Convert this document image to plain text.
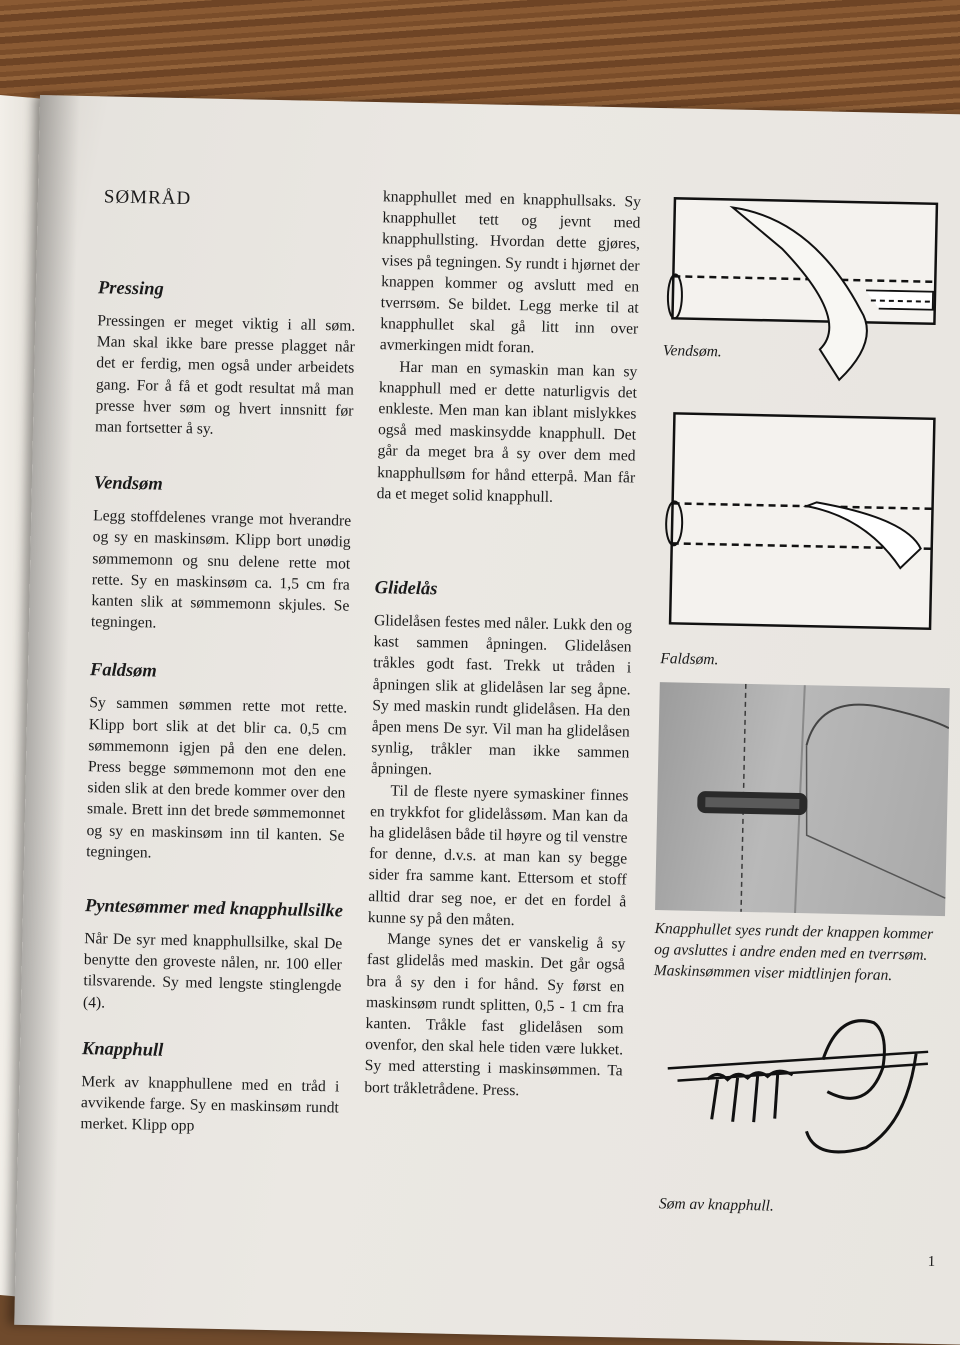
SØMRÅD
Pressing

Pressingen er meget viktig i all søm. Man skal ikke bare presse plagget når det er ferdig, men også under arbeidets gang. For å få et godt resultat må man presse hver søm og hvert innsnitt før man fortsetter å sy.

Vendsøm

Legg stoffdelenes vrange mot hverandre og sy en maskinsøm. Klipp bort unødig sømmemonn og snu delene rette mot rette. Sy en maskinsøm ca. 1,5 cm fra kanten slik at sømmemonn skjules. Se tegningen.

Faldsøm

Sy sammen sømmen rette mot rette. Klipp bort slik at det blir ca. 0,5 cm sømmemonn igjen på den ene delen. Press begge sømmemonn mot den ene siden slik at den brede kommer over den smale. Brett inn det brede sømmemonnet og sy en maskinsøm inn til kanten. Se tegningen.

Pyntesømmer med knapphullsilke

Når De syr med knapphullsilke, skal De benytte den groveste nålen, nr. 100 eller tilsvarende. Sy med lengste stinglengde (4).

Knapphull

Merk av knapphullene med en tråd i avvikende farge. Sy en maskinsøm rundt merket. Klipp opp

knapphullet med en knapphullsaks. Sy knapphullet tett og jevnt med knapphullsting. Hvordan dette gjøres, vises på tegningen. Sy rundt i hjørnet der knappen kommer og avslutt med en tverrsøm. Se bildet. Legg merke til at knapphullet skal gå litt inn over avmerkingen midt foran.

Har man en symaskin man kan sy knapphull med er dette naturligvis det enkleste. Men man kan iblant mislykkes også med maskinsydde knapphull. Det går da meget bra å sy over dem med knapphullsøm for hånd etterpå. Man får da et meget solid knapphull.

Glidelås

Glidelåsen festes med nåler. Lukk den og kast sammen åpningen. Glidelåsen tråkles godt fast. Trekk ut tråden i åpningen slik at glidelåsen lar seg åpne. Sy med maskin rundt glidelåsen. Ha den åpen mens De syr. Vil man ha glidelåsen synlig, tråkler man ikke sammen åpningen.

Til de fleste nyere symaskiner finnes en trykkfot for glidelåssøm. Man kan da ha glidelåsen både til høyre og til venstre for denne, d.v.s. at man kan sy begge sider fra samme kant. Ettersom et stoff alltid drar seg noe, er det en fordel å kunne sy på den måten.

Mange synes det er vanskelig å sy fast glidelås med maskin. Det går også bra å sy den i for hånd. Sy først en maskinsøm rundt splitten, 0,5 - 1 cm fra kanten. Tråkle fast glidelåsen som ovenfor, den skal hele tiden være lukket. Sy med attersting i maskinsømmen. Ta bort tråkletrådene. Press.

Vendsøm.
Faldsøm.
Knapphullet syes rundt der knappen kommer og avsluttes i andre enden med en tverrsøm. Maskinsømmen viser midtlinjen foran.
Søm av knapphull.
1
